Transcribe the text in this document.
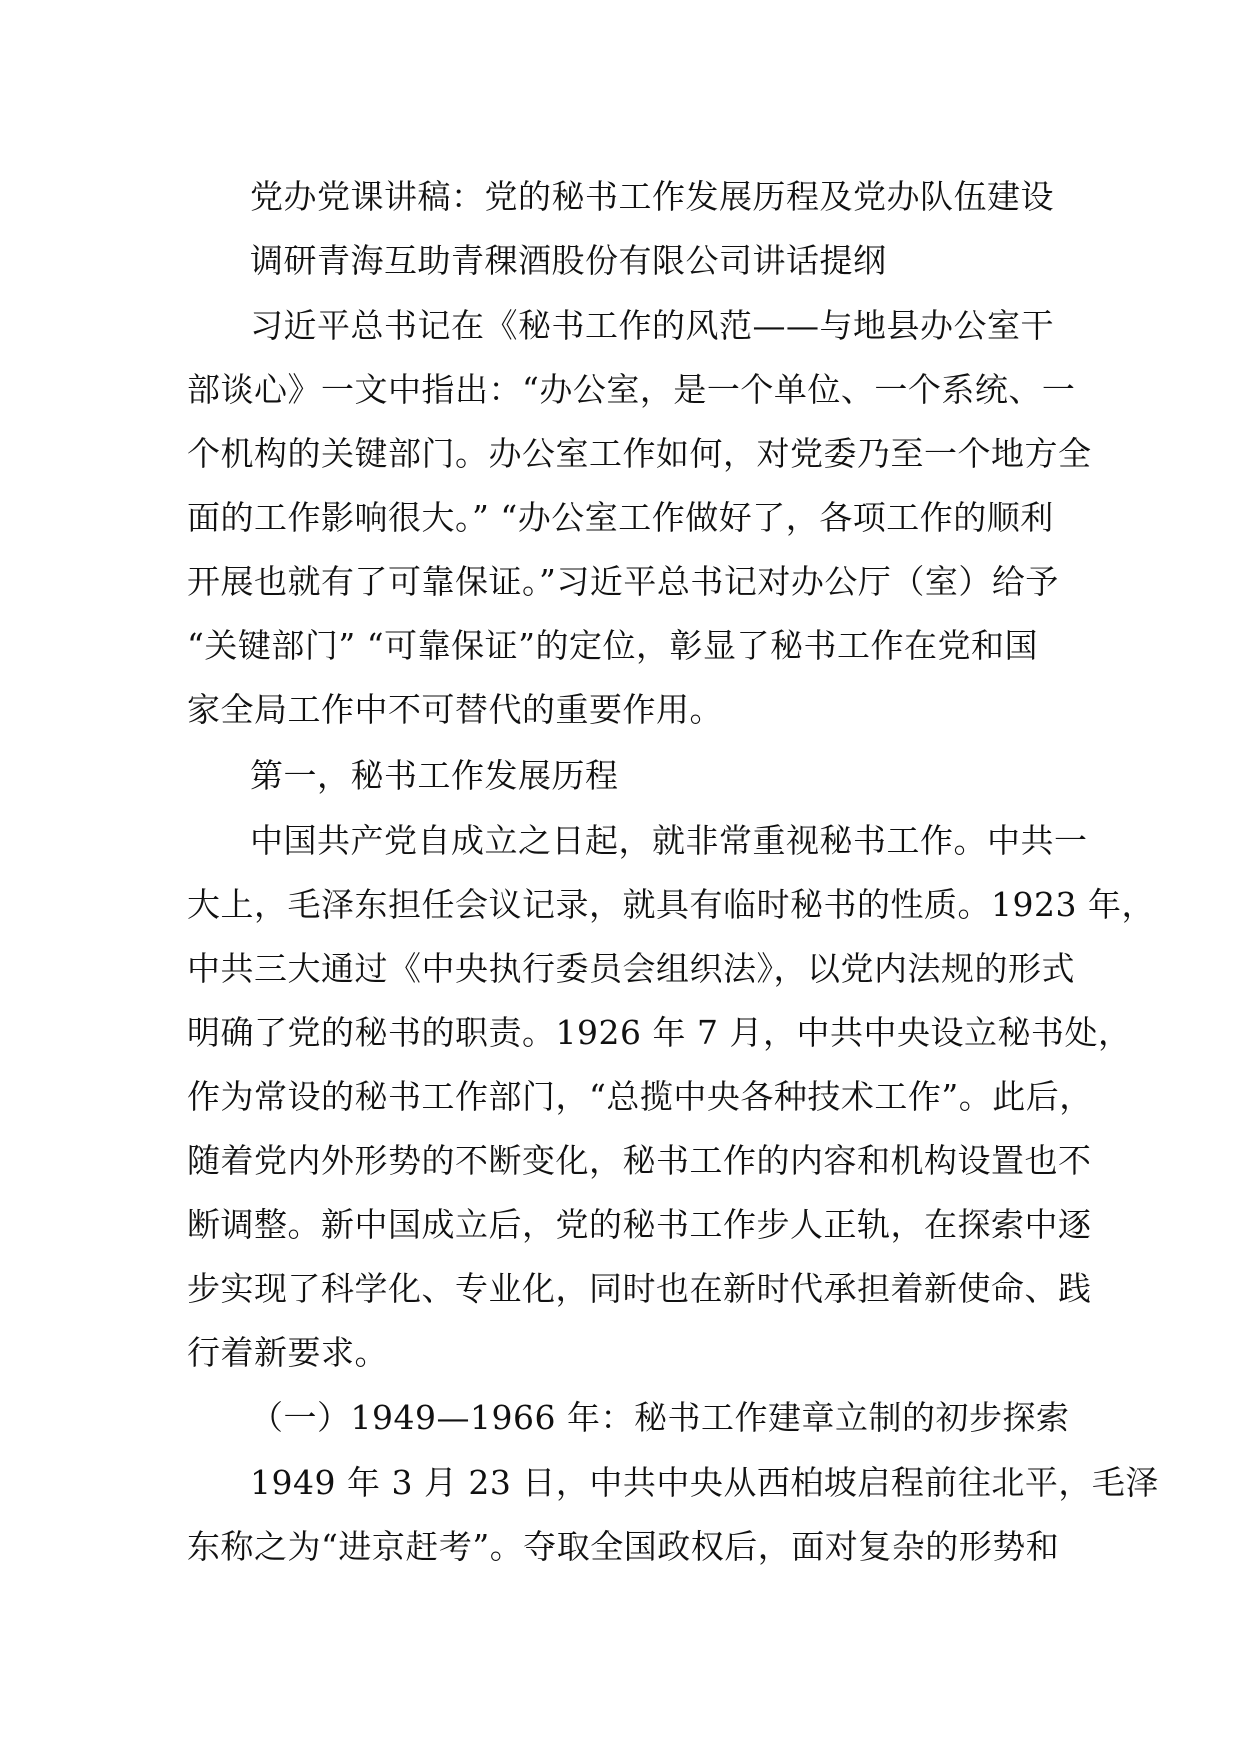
党办党课讲稿：党的秘书工作发展历程及党办队伍建设
调研青海互助青稞酒股份有限公司讲话提纲
习近平总书记在《秘书工作的风范——与地县办公室干
部谈心》一文中指出：“办公室，是一个单位、一个系统、一
个机构的关键部门。办公室工作如何，对党委乃至一个地方全
面的工作影响很大。” “办公室工作做好了，各项工作的顺利
开展也就有了可靠保证。”习近平总书记对办公厅（室）给予
“关键部门” “可靠保证”的定位，彰显了秘书工作在党和国
家全局工作中不可替代的重要作用。
第一，秘书工作发展历程
中国共产党自成立之日起，就非常重视秘书工作。中共一
大上，毛泽东担任会议记录，就具有临时秘书的性质。1923 年，
中共三大通过《中央执行委员会组织法》，以党内法规的形式
明确了党的秘书的职责。1926 年 7 月，中共中央设立秘书处，
作为常设的秘书工作部门，“总揽中央各种技术工作”。此后，
随着党内外形势的不断变化，秘书工作的内容和机构设置也不
断调整。新中国成立后，党的秘书工作步人正轨，在探索中逐
步实现了科学化、专业化，同时也在新时代承担着新使命、践
行着新要求。
（一）1949—1966 年：秘书工作建章立制的初步探索
1949 年 3 月 23 日，中共中央从西柏坡启程前往北平，毛泽
东称之为“进京赶考”。夺取全国政权后，面对复杂的形势和
